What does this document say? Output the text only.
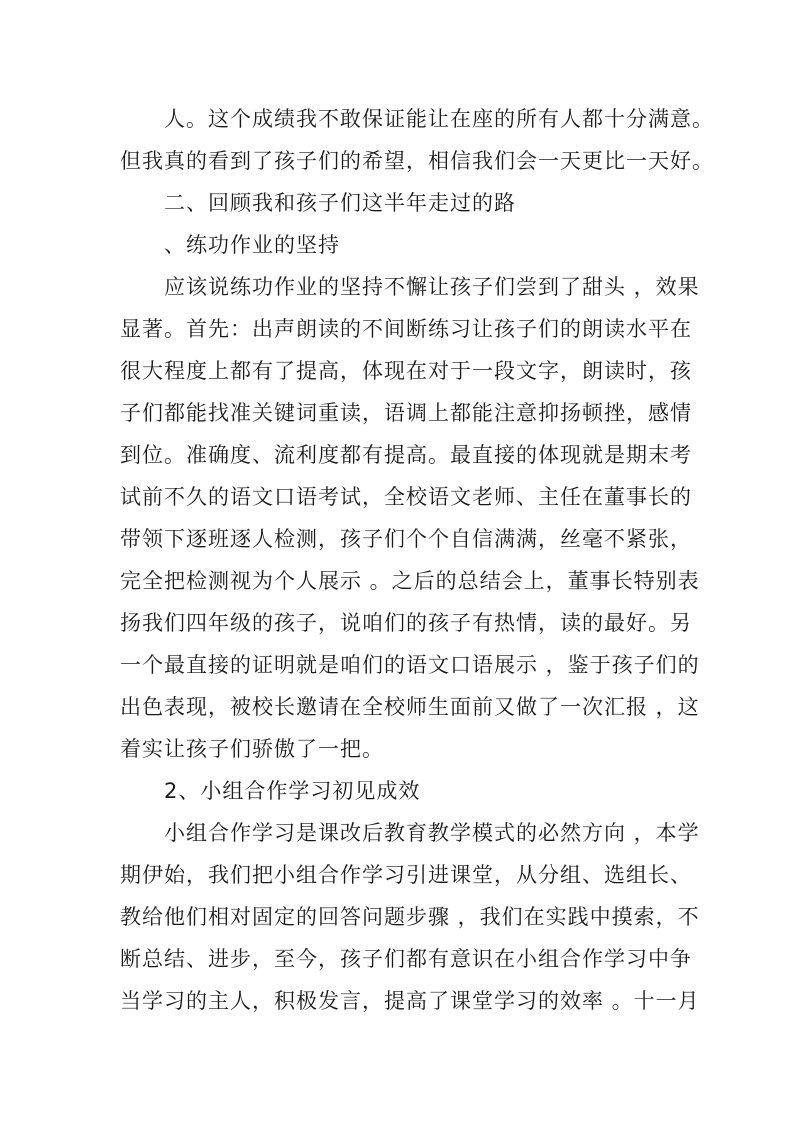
人。这个成绩我不敢保证能让在座的所有人都十分满意。
但我真的看到了孩子们的希望，相信我们会一天更比一天好。
二、回顾我和孩子们这半年走过的路
、练功作业的坚持
应该说练功作业的坚持不懈让孩子们尝到了甜头 ，效果
显著。首先：出声朗读的不间断练习让孩子们的朗读水平在
很大程度上都有了提高，体现在对于一段文字，朗读时，孩
子们都能找准关键词重读，语调上都能注意抑扬顿挫，感情
到位。准确度、流利度都有提高。最直接的体现就是期末考
试前不久的语文口语考试，全校语文老师、主任在董事长的
带领下逐班逐人检测，孩子们个个自信满满，丝毫不紧张，
完全把检测视为个人展示 。之后的总结会上，董事长特别表
扬我们四年级的孩子，说咱们的孩子有热情，读的最好。另
一个最直接的证明就是咱们的语文口语展示 ，鉴于孩子们的
出色表现，被校长邀请在全校师生面前又做了一次汇报 ，这
着实让孩子们骄傲了一把。
2、小组合作学习初见成效
小组合作学习是课改后教育教学模式的必然方向 ，本学
期伊始，我们把小组合作学习引进课堂，从分组、选组长、
教给他们相对固定的回答问题步骤 ，我们在实践中摸索，不
断总结、进步，至今，孩子们都有意识在小组合作学习中争
当学习的主人，积极发言，提高了课堂学习的效率 。十一月
